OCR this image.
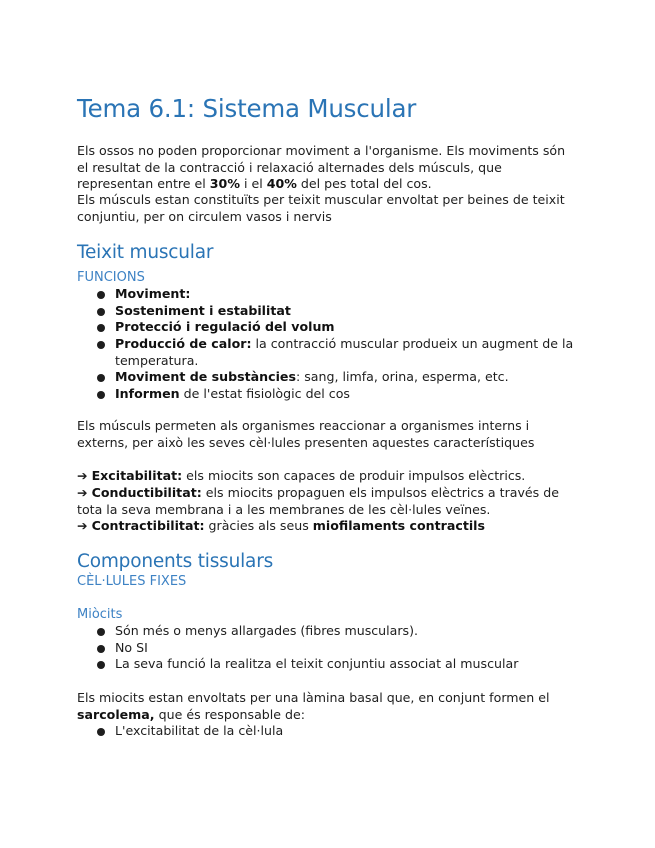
Tema 6.1: Sistema Muscular
Els ossos no poden proporcionar moviment a l'organisme. Els moviments són el resultat de la contracció i relaxació alternades dels músculs, que representan entre el 30% i el 40% del pes total del cos.
Els músculs estan constituïts per teixit muscular envoltat per beines de teixit conjuntiu, per on circulem vasos i nervis
Teixit muscular
FUNCIONS
Moviment:
Sosteniment i estabilitat
Protecció i regulació del volum
Producció de calor: la contracció muscular produeix un augment de la temperatura.
Moviment de substàncies: sang, limfa, orina, esperma, etc.
Informen de l'estat fisiològic del cos
Els músculs permeten als organismes reaccionar a organismes interns i externs, per això les seves cèl·lules presenten aquestes característiques
➔ Excitabilitat: els miocits son capaces de produir impulsos elèctrics.
➔ Conductibilitat: els miocits propaguen els impulsos elèctrics a través de tota la seva membrana i a les membranes de les cèl·lules veïnes.
➔ Contractibilitat: gràcies als seus miofilaments contractils
Components tissulars
CÈL·LULES FIXES
Miòcits
Són més o menys allargades (fibres musculars).
No SI
La seva funció la realitza el teixit conjuntiu associat al muscular
Els miocits estan envoltats per una làmina basal que, en conjunt formen el sarcolema, que és responsable de:
L'excitabilitat de la cèl·lula
